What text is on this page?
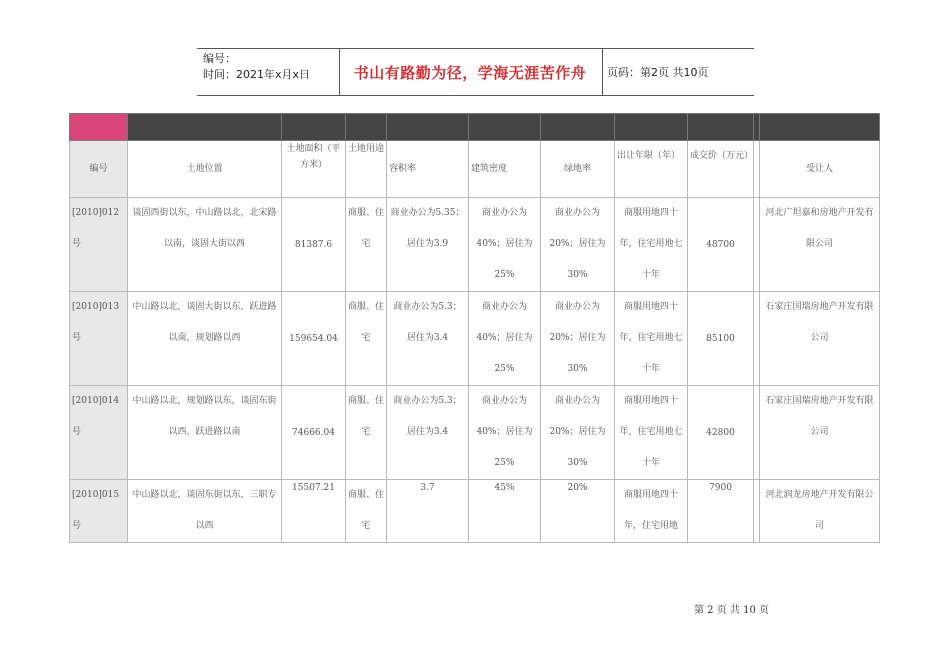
编号：
时间：2021年x月x日	书山有路勤为径，学海无涯苦作舟	页码：第2页 共10页

编号	土地位置	土地面积（平方米）	土地用途	容积率	建筑密度	绿地率	出让年限（年）	成交价（万元）		受让人
[2010]012号	谈固西街以东，中山路以北，北宋路以南，谈固大街以西	81387.6	商服、住宅	商业办公为5.35；居住为3.9	商业办公为40%；居住为25%	商业办公为20%；居住为30%	商服用地四十年，住宅用地七十年	48700		河北广坦嘉和房地产开发有限公司
[2010]013号	中山路以北，谈固大街以东，跃进路以南，规划路以西	159654.04	商服、住宅	商业办公为5.3；居住为3.4	商业办公为40%；居住为25%	商业办公为20%；居住为30%	商服用地四十年，住宅用地七十年	85100		石家庄国瑞房地产开发有限公司
[2010]014号	中山路以北，规划路以东，谈固东街以西，跃进路以南	74666.04	商服、住宅	商业办公为5.3；居住为3.4	商业办公为40%；居住为25%	商业办公为20%；居住为30%	商服用地四十年，住宅用地七十年	42800		石家庄国瑞房地产开发有限公司
[2010]015号	中山路以北，谈固东街以东，三职专以西	15507.21	商服、住宅	3.7	45%	20%	商服用地四十年，住宅用地	7900		河北润龙房地产开发有限公司
第 2 页 共 10 页
